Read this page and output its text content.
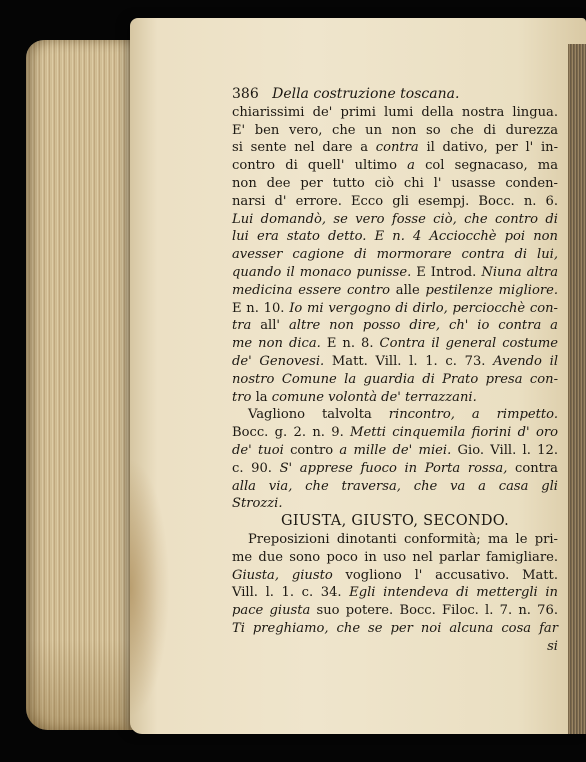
386 Della costruzione toscana.
chiarissimi de' primi lumi della nostra lingua.
E' ben vero, che un non so che di durezza
si sente nel dare a contra il dativo, per l' in-
contro di quell' ultimo a col segnacaso, ma
non dee per tutto ciò chi l' usasse conden-
narsi d' errore. Ecco gli esempj. Bocc. n. 6.
Lui domandò, se vero fosse ciò, che contro di
lui era stato detto. E n. 4 Acciocchè poi non
avesser cagione di mormorare contra di lui,
quando il monaco punisse. E Introd. Niuna altra
medicina essere contro alle pestilenze migliore.
E n. 10. Io mi vergogno di dirlo, perciocchè con-
tra all' altre non posso dire, ch' io contra a
me non dica. E n. 8. Contra il general costume
de' Genovesi. Matt. Vill. l. 1. c. 73. Avendo il
nostro Comune la guardia di Prato presa con-
tro la comune volontà de' terrazzani.
Vagliono talvolta rincontro, a rimpetto.
Bocc. g. 2. n. 9. Metti cinquemila fiorini d' oro
de' tuoi contro a mille de' miei. Gio. Vill. l. 12.
c. 90. S' apprese fuoco in Porta rossa, contra
alla via, che traversa, che va a casa gli
Strozzi.
GIUSTA, GIUSTO, SECONDO.
Preposizioni dinotanti conformità; ma le pri-
me due sono poco in uso nel parlar famigliare.
Giusta, giusto vogliono l' accusativo. Matt.
Vill. l. 1. c. 34. Egli intendeva di mettergli in
pace giusta suo potere. Bocc. Filoc. l. 7. n. 76.
Ti preghiamo, che se per noi alcuna cosa far
si
